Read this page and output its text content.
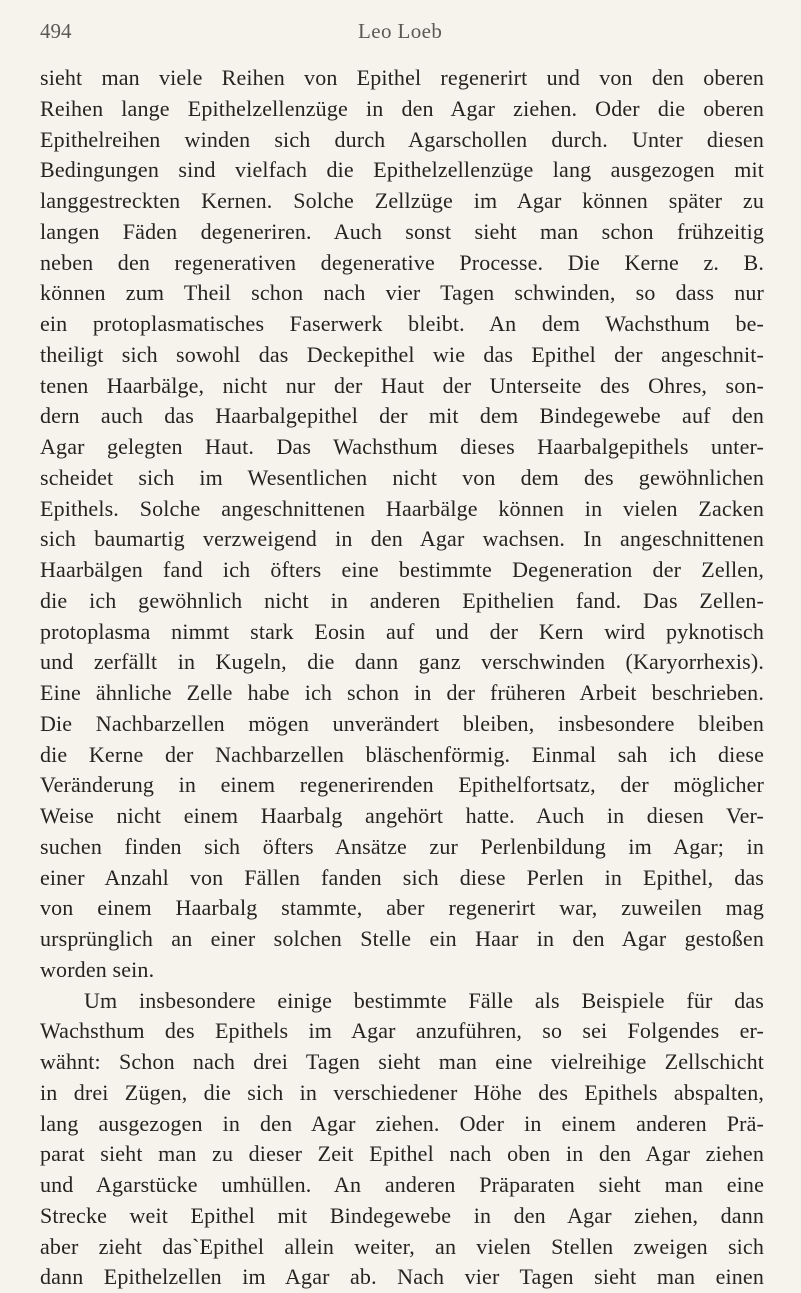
494	Leo Loeb
sieht man viele Reihen von Epithel regenerirt und von den oberen
Reihen lange Epithelzellenzüge in den Agar ziehen. Oder die oberen
Epithelreihen winden sich durch Agarschollen durch. Unter diesen
Bedingungen sind vielfach die Epithelzellenzüge lang ausgezogen mit
langgestreckten Kernen. Solche Zellzüge im Agar können später zu
langen Fäden degeneriren. Auch sonst sieht man schon frühzeitig
neben den regenerativen degenerative Processe. Die Kerne z. B.
können zum Theil schon nach vier Tagen schwinden, so dass nur
ein protoplasmatisches Faserwerk bleibt. An dem Wachsthum be-
theiligt sich sowohl das Deckepithel wie das Epithel der angeschnit-
tenen Haarbälge, nicht nur der Haut der Unterseite des Ohres, son-
dern auch das Haarbalgepithel der mit dem Bindegewebe auf den
Agar gelegten Haut. Das Wachsthum dieses Haarbalgepithels unter-
scheidet sich im Wesentlichen nicht von dem des gewöhnlichen
Epithels. Solche angeschnittenen Haarbälge können in vielen Zacken
sich baumartig verzweigend in den Agar wachsen. In angeschnittenen
Haarbälgen fand ich öfters eine bestimmte Degeneration der Zellen,
die ich gewöhnlich nicht in anderen Epithelien fand. Das Zellen-
protoplasma nimmt stark Eosin auf und der Kern wird pyknotisch
und zerfällt in Kugeln, die dann ganz verschwinden (Karyorrhexis).
Eine ähnliche Zelle habe ich schon in der früheren Arbeit beschrieben.
Die Nachbarzellen mögen unverändert bleiben, insbesondere bleiben
die Kerne der Nachbarzellen bläschenförmig. Einmal sah ich diese
Veränderung in einem regenerirenden Epithelfortsatz, der möglicher
Weise nicht einem Haarbalg angehört hatte. Auch in diesen Ver-
suchen finden sich öfters Ansätze zur Perlenbildung im Agar; in
einer Anzahl von Fällen fanden sich diese Perlen in Epithel, das
von einem Haarbalg stammte, aber regenerirt war, zuweilen mag
ursprünglich an einer solchen Stelle ein Haar in den Agar gestoßen
worden sein.
Um insbesondere einige bestimmte Fälle als Beispiele für das
Wachsthum des Epithels im Agar anzuführen, so sei Folgendes er-
wähnt: Schon nach drei Tagen sieht man eine vielreihige Zellschicht
in drei Zügen, die sich in verschiedener Höhe des Epithels abspalten,
lang ausgezogen in den Agar ziehen. Oder in einem anderen Prä-
parat sieht man zu dieser Zeit Epithel nach oben in den Agar ziehen
und Agarstücke umhüllen. An anderen Präparaten sieht man eine
Strecke weit Epithel mit Bindegewebe in den Agar ziehen, dann
aber zieht das`Epithel allein weiter, an vielen Stellen zweigen sich
dann Epithelzellen im Agar ab. Nach vier Tagen sieht man einen
